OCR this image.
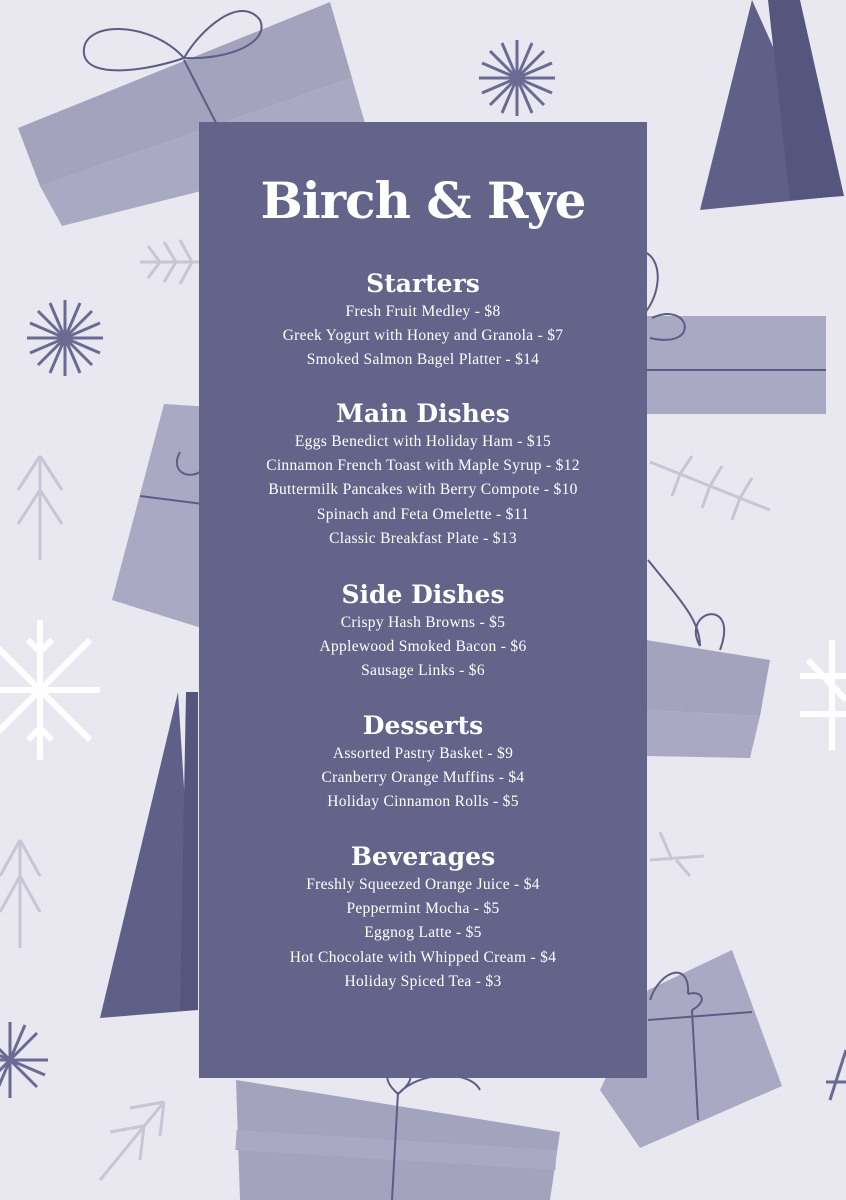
Birch & Rye
Starters
Fresh Fruit Medley - $8
Greek Yogurt with Honey and Granola - $7
Smoked Salmon Bagel Platter - $14
Main Dishes
Eggs Benedict with Holiday Ham - $15
Cinnamon French Toast with Maple Syrup - $12
Buttermilk Pancakes with Berry Compote - $10
Spinach and Feta Omelette - $11
Classic Breakfast Plate - $13
Side Dishes
Crispy Hash Browns - $5
Applewood Smoked Bacon - $6
Sausage Links - $6
Desserts
Assorted Pastry Basket - $9
Cranberry Orange Muffins - $4
Holiday Cinnamon Rolls - $5
Beverages
Freshly Squeezed Orange Juice - $4
Peppermint Mocha - $5
Eggnog Latte - $5
Hot Chocolate with Whipped Cream - $4
Holiday Spiced Tea - $3
